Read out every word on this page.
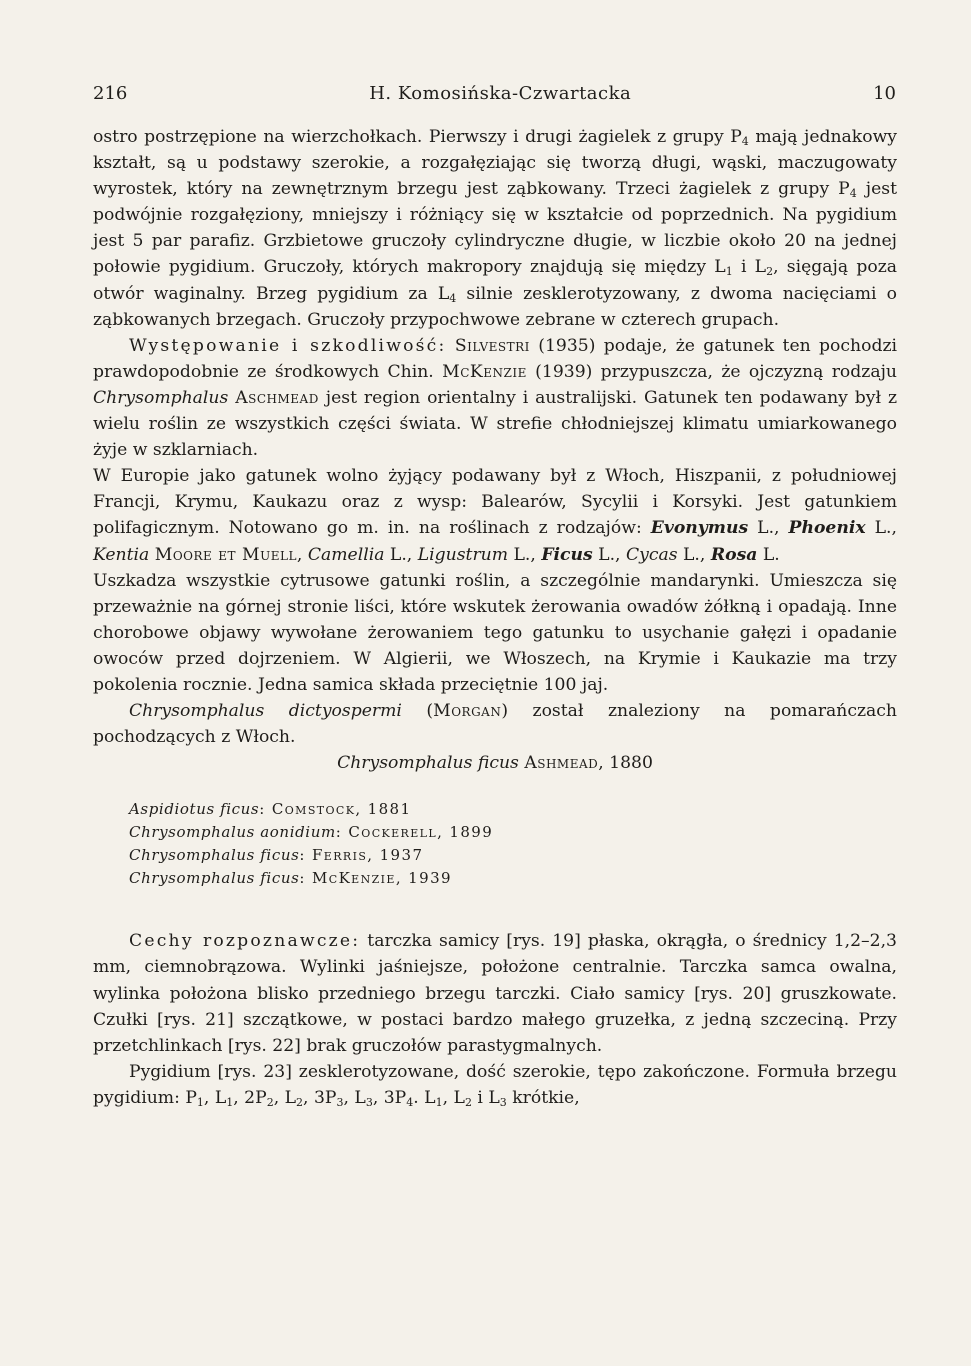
216	H. Komosińska-Czwartacka	10

ostro postrzępione na wierzchołkach. Pierwszy i drugi żagielek z grupy $P_4$ mają jednakowy kształt, są u podstawy szerokie, a rozgałęziając się tworzą długi, wąski, maczugowaty wyrostek, który na zewnętrznym brzegu jest ząbkowany. Trzeci żagielek z grupy $P_4$ jest podwójnie rozgałęziony, mniejszy i różniący się w kształcie od poprzednich. Na pygidium jest 5 par parafiz. Grzbietowe gruczoły cylindryczne długie, w liczbie około 20 na jednej połowie pygidium. Gruczoły, których makropory znajdują się między $L_1$ i $L_2$, sięgają poza otwór waginalny. Brzeg pygidium za $L_4$ silnie zesklerotyzowany, z dwoma nacięciami o ząbkowanych brzegach. Gruczoły przypochwowe zebrane w czterech grupach.

Występowanie i szkodliwość: Silvestri (1935) podaje, że gatunek ten pochodzi prawdopodobnie ze środkowych Chin. McKenzie (1939) przypuszcza, że ojczyzną rodzaju Chrysomphalus Aschmead jest region orientalny i australijski. Gatunek ten podawany był z wielu roślin ze wszystkich części świata. W strefie chłodniejszej klimatu umiarkowanego żyje w szklarniach.

W Europie jako gatunek wolno żyjący podawany był z Włoch, Hiszpanii, z południowej Francji, Krymu, Kaukazu oraz z wysp: Balearów, Sycylii i Korsyki. Jest gatunkiem polifagicznym. Notowano go m. in. na roślinach z rodzajów: Evonymus L., Phoenix L., Kentia Moore et Muell, Camellia L., Ligustrum L., Ficus L., Cycas L., Rosa L.

Uszkadza wszystkie cytrusowe gatunki roślin, a szczególnie mandarynki. Umieszcza się przeważnie na górnej stronie liści, które wskutek żerowania owadów żółkną i opadają. Inne chorobowe objawy wywołane żerowaniem tego gatunku to usychanie gałęzi i opadanie owoców przed dojrzeniem. W Algierii, we Włoszech, na Krymie i Kaukazie ma trzy pokolenia rocznie. Jedna samica składa przeciętnie 100 jaj.

Chrysomphalus dictyospermi (Morgan) został znaleziony na pomarańczach pochodzących z Włoch.

Chrysomphalus ficus Ashmead, 1880

Aspidiotus ficus: Comstock, 1881
Chrysomphalus aonidium: Cockerell, 1899
Chrysomphalus ficus: Ferris, 1937
Chrysomphalus ficus: McKenzie, 1939

Cechy rozpoznawcze: tarczka samicy [rys. 19] płaska, okrągła, o średnicy 1,2–2,3 mm, ciemnobrązowa. Wylinki jaśniejsze, położone centralnie. Tarczka samca owalna, wylinka położona blisko przedniego brzegu tarczki. Ciało samicy [rys. 20] gruszkowate. Czułki [rys. 21] szczątkowe, w postaci bardzo małego gruzełka, z jedną szczeciną. Przy przetchlinkach [rys. 22] brak gruczołów parastygmalnych.

Pygidium [rys. 23] zesklerotyzowane, dość szerokie, tępo zakończone. Formuła brzegu pygidium: $P_1$, $L_1$, $2P_2$, $L_2$, $3P_3$, $L_3$, $3P_4$. $L_1$, $L_2$ i $L_3$ krótkie,
